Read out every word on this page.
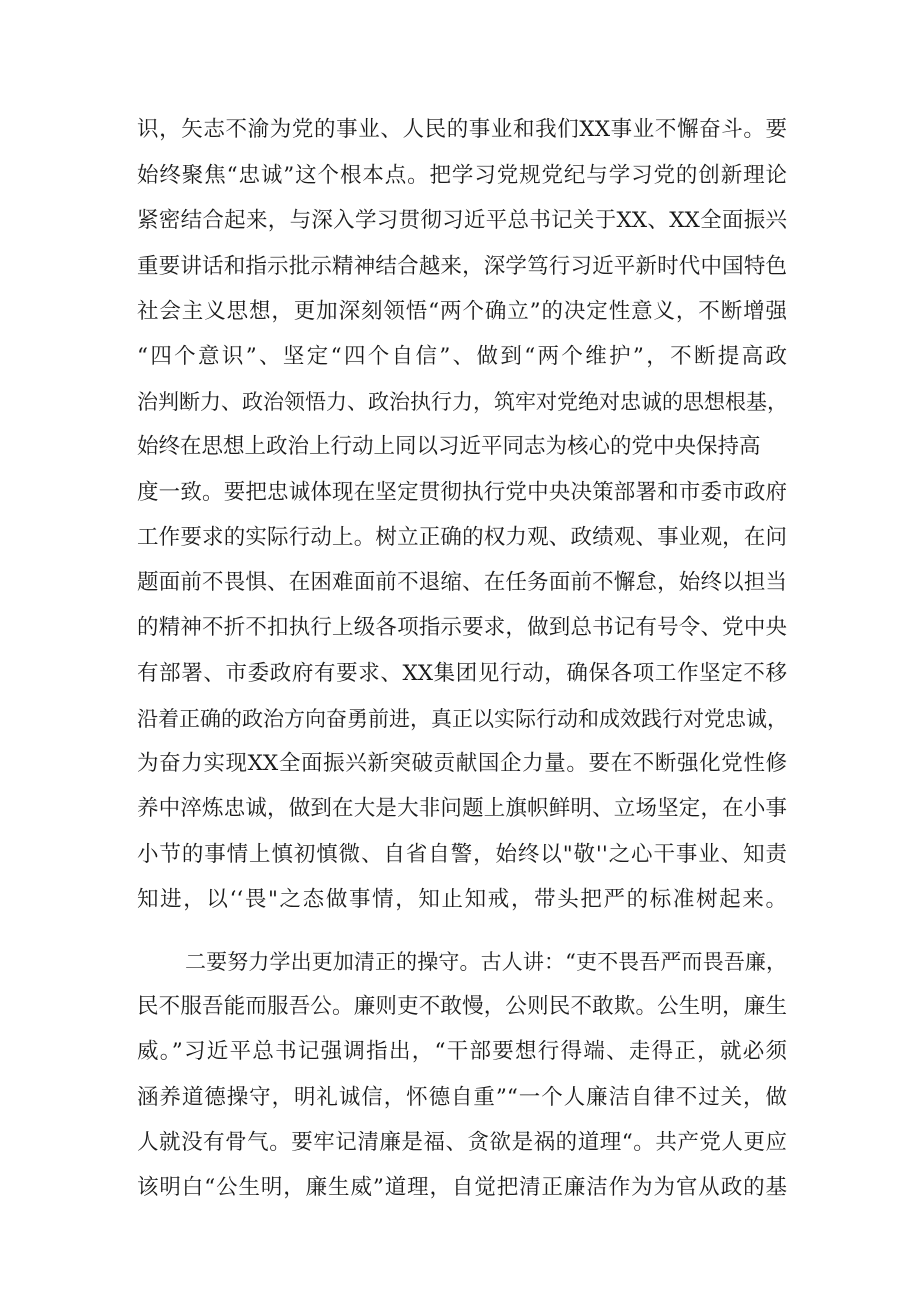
识，矢志不渝为党的事业、人民的事业和我们XX事业不懈奋斗。要
始终聚焦“忠诚”这个根本点。把学习党规党纪与学习党的创新理论
紧密结合起来，与深入学习贯彻习近平总书记关于XX、XX全面振兴
重要讲话和指示批示精神结合越来，深学笃行习近平新时代中国特色
社会主义思想，更加深刻领悟“两个确立”的决定性意义，不断增强
“四个意识”、坚定“四个自信”、做到“两个维护”，不断提高政
治判断力、政治领悟力、政治执行力，筑牢对党绝对忠诚的思想根基，
始终在思想上政治上行动上同以习近平同志为核心的党中央保持高
度一致。要把忠诚体现在坚定贯彻执行党中央决策部署和市委市政府
工作要求的实际行动上。树立正确的权力观、政绩观、事业观，在问
题面前不畏惧、在困难面前不退缩、在任务面前不懈怠，始终以担当
的精神不折不扣执行上级各项指示要求，做到总书记有号令、党中央
有部署、市委政府有要求、XX集团见行动，确保各项工作坚定不移
沿着正确的政治方向奋勇前进，真正以实际行动和成效践行对党忠诚，
为奋力实现XX全面振兴新突破贡献国企力量。要在不断强化党性修
养中淬炼忠诚，做到在大是大非问题上旗帜鲜明、立场坚定，在小事
小节的事情上慎初慎微、自省自警，始终以"敬''之心干事业、知责
知进，以‘‘畏"之态做事情，知止知戒，带头把严的标准树起来。
二要努力学出更加清正的操守。古人讲：“吏不畏吾严而畏吾廉，
民不服吾能而服吾公。廉则吏不敢慢，公则民不敢欺。公生明，廉生
威。”习近平总书记强调指出，“干部要想行得端、走得正，就必须
涵养道德操守，明礼诚信，怀德自重”“一个人廉洁自律不过关，做
人就没有骨气。要牢记清廉是福、贪欲是祸的道理“。共产党人更应
该明白“公生明，廉生威”道理，自觉把清正廉洁作为为官从政的基
